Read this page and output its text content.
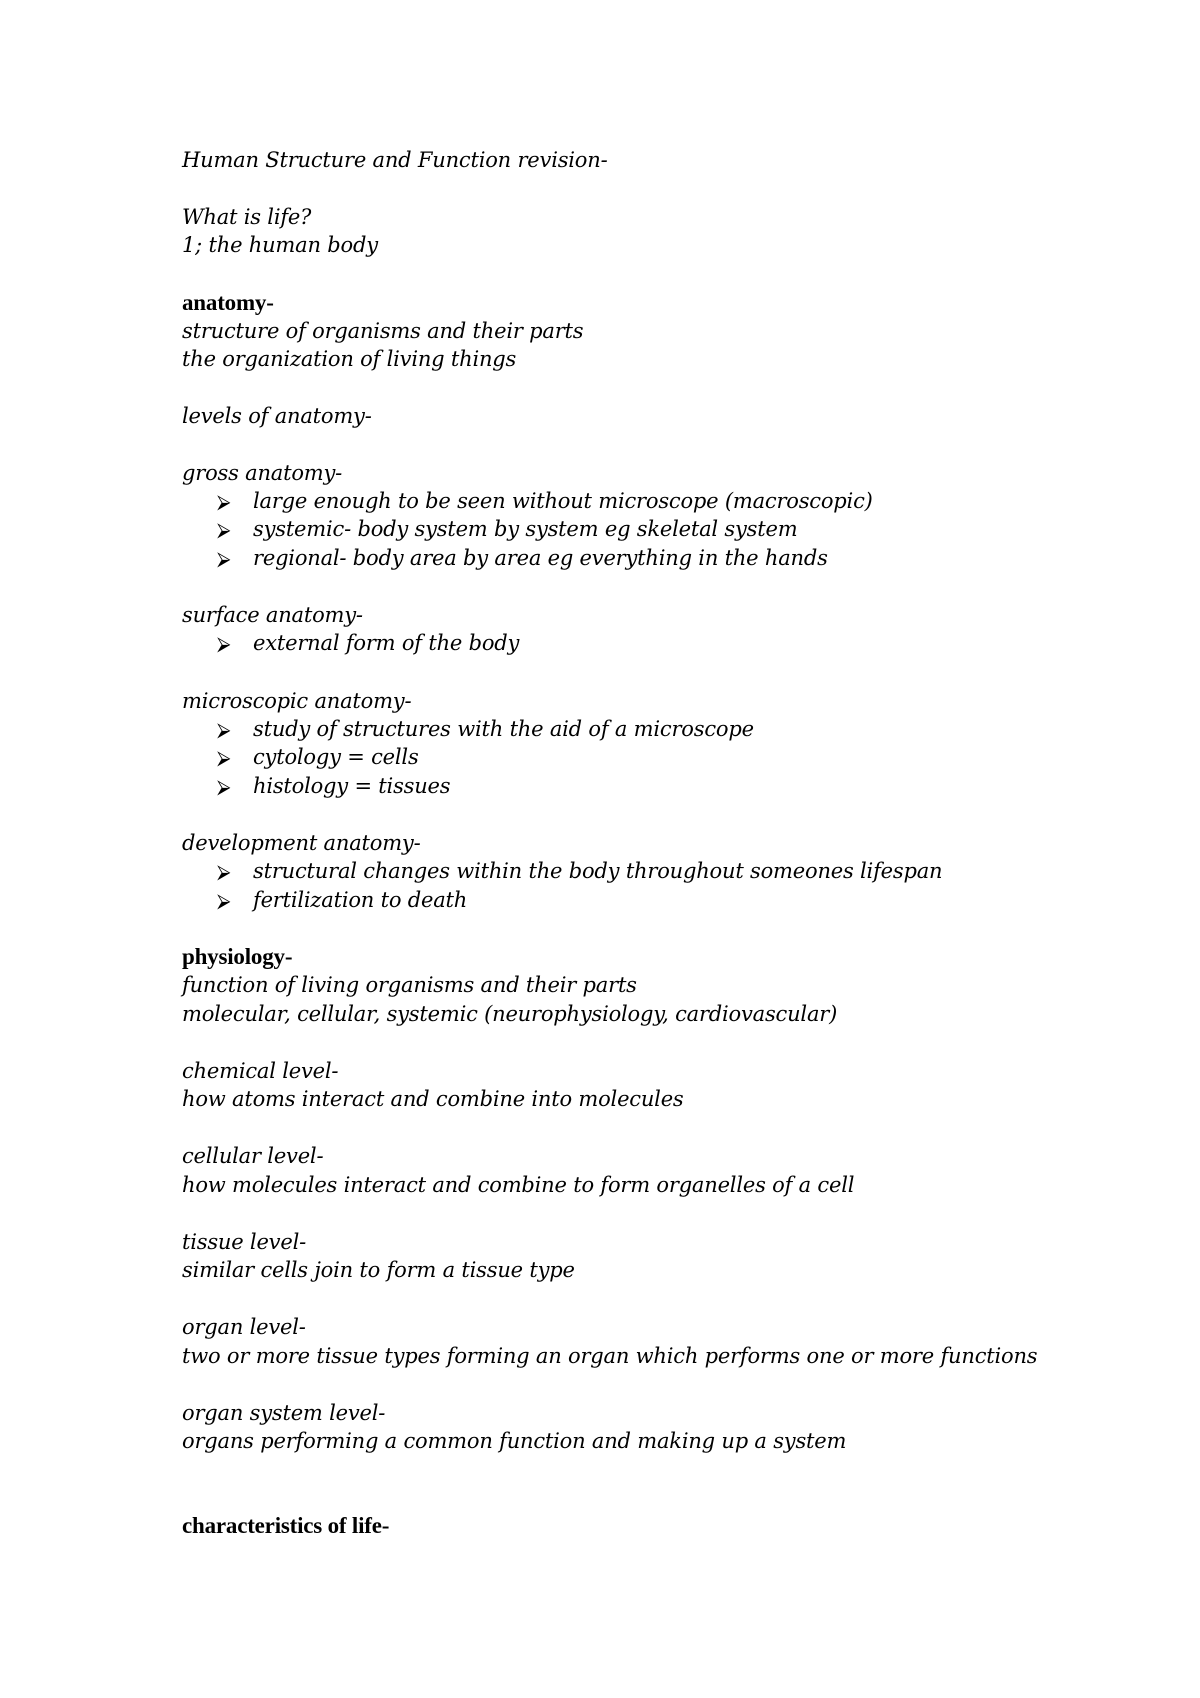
Human Structure and Function revision-
What is life?
1; the human body
anatomy-
structure of organisms and their parts
the organization of living things
levels of anatomy-
gross anatomy-
⮚ large enough to be seen without microscope (macroscopic)
⮚ systemic- body system by system eg skeletal system
⮚ regional- body area by area eg everything in the hands
surface anatomy-
⮚ external form of the body
microscopic anatomy-
⮚ study of structures with the aid of a microscope
⮚ cytology = cells
⮚ histology = tissues
development anatomy-
⮚ structural changes within the body throughout someones lifespan
⮚ fertilization to death
physiology-
function of living organisms and their parts
molecular, cellular, systemic (neurophysiology, cardiovascular)
chemical level-
how atoms interact and combine into molecules
cellular level-
how molecules interact and combine to form organelles of a cell
tissue level-
similar cells join to form a tissue type
organ level-
two or more tissue types forming an organ which performs one or more functions
organ system level-
organs performing a common function and making up a system
characteristics of life-
